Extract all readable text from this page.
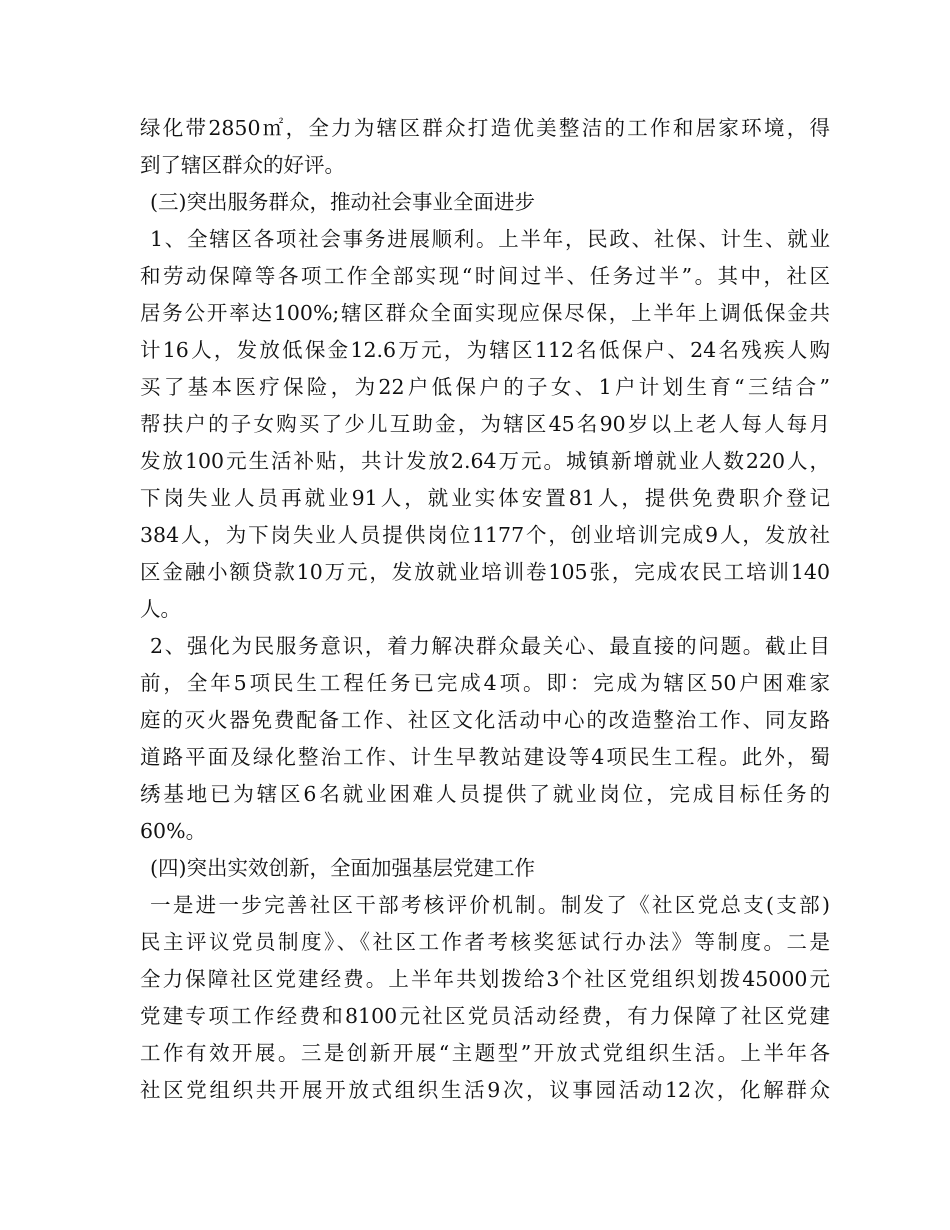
绿化带2850㎡，全力为辖区群众打造优美整洁的工作和居家环境，得
到了辖区群众的好评。
(三)突出服务群众，推动社会事业全面进步
1、全辖区各项社会事务进展顺利。上半年，民政、社保、计生、就业
和劳动保障等各项工作全部实现“时间过半、任务过半”。其中，社区
居务公开率达100%;辖区群众全面实现应保尽保，上半年上调低保金共
计16人，发放低保金12.6万元，为辖区112名低保户、24名残疾人购
买了基本医疗保险，为22户低保户的子女、1户计划生育“三结合”
帮扶户的子女购买了少儿互助金，为辖区45名90岁以上老人每人每月
发放100元生活补贴，共计发放2.64万元。城镇新增就业人数220人，
下岗失业人员再就业91人，就业实体安置81人，提供免费职介登记
384人，为下岗失业人员提供岗位1177个，创业培训完成9人，发放社
区金融小额贷款10万元，发放就业培训卷105张，完成农民工培训140
人。
2、强化为民服务意识，着力解决群众最关心、最直接的问题。截止目
前，全年5项民生工程任务已完成4项。即：完成为辖区50户困难家
庭的灭火器免费配备工作、社区文化活动中心的改造整治工作、同友路
道路平面及绿化整治工作、计生早教站建设等4项民生工程。此外，蜀
绣基地已为辖区6名就业困难人员提供了就业岗位，完成目标任务的
60%。
(四)突出实效创新，全面加强基层党建工作
一是进一步完善社区干部考核评价机制。制发了《社区党总支(支部)
民主评议党员制度》、《社区工作者考核奖惩试行办法》等制度。二是
全力保障社区党建经费。上半年共划拨给3个社区党组织划拨45000元
党建专项工作经费和8100元社区党员活动经费，有力保障了社区党建
工作有效开展。三是创新开展“主题型”开放式党组织生活。上半年各
社区党组织共开展开放式组织生活9次，议事园活动12次，化解群众
